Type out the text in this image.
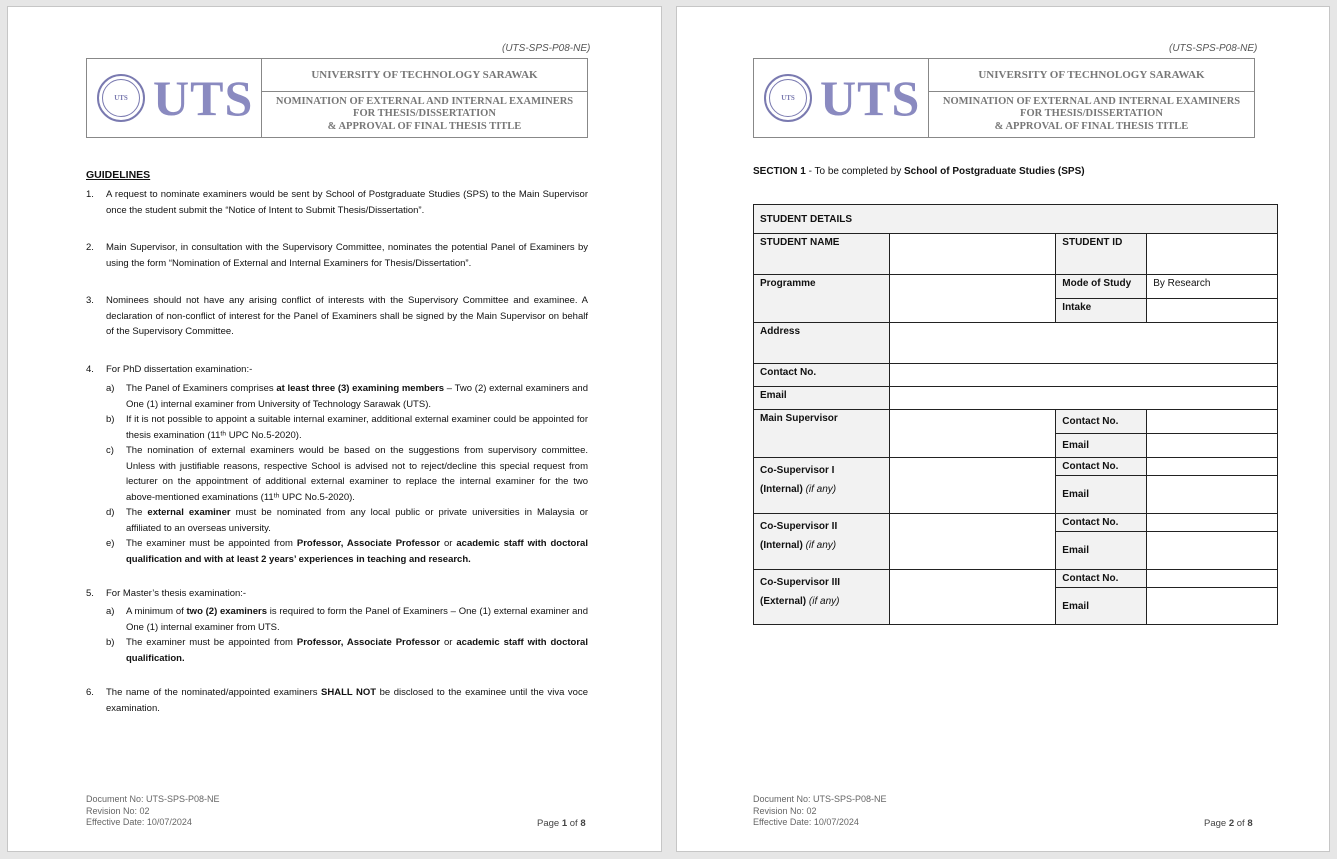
(UTS-SPS-P08-NE)
UTS UTS	UNIVERSITY OF TECHNOLOGY SARAWAK
NOMINATION OF EXTERNAL AND INTERNAL EXAMINERS
FOR THESIS/DISSERTATION
& APPROVAL OF FINAL THESIS TITLE
GUIDELINES
1. A request to nominate examiners would be sent by School of Postgraduate Studies (SPS) to the Main Supervisor once the student submit the “Notice of Intent to Submit Thesis/Dissertation”.
2. Main Supervisor, in consultation with the Supervisory Committee, nominates the potential Panel of Examiners by using the form “Nomination of External and Internal Examiners for Thesis/Dissertation”.
3. Nominees should not have any arising conflict of interests with the Supervisory Committee and examinee. A declaration of non-conflict of interest for the Panel of Examiners shall be signed by the Main Supervisor on behalf of the Supervisory Committee.
4. For PhD dissertation examination:-
a) The Panel of Examiners comprises at least three (3) examining members – Two (2) external examiners and One (1) internal examiner from University of Technology Sarawak (UTS).
b) If it is not possible to appoint a suitable internal examiner, additional external examiner could be appointed for thesis examination (11ᵗʰ UPC No.5-2020).
c) The nomination of external examiners would be based on the suggestions from supervisory committee. Unless with justifiable reasons, respective School is advised not to reject/decline this special request from lecturer on the appointment of additional external examiner to replace the internal examiner for the two above-mentioned examinations (11ᵗʰ UPC No.5-2020).
d) The external examiner must be nominated from any local public or private universities in Malaysia or affiliated to an overseas university.
e) The examiner must be appointed from Professor, Associate Professor or academic staff with doctoral qualification and with at least 2 years’ experiences in teaching and research.
5. For Master’s thesis examination:-
a) A minimum of two (2) examiners is required to form the Panel of Examiners – One (1) external examiner and One (1) internal examiner from UTS.
b) The examiner must be appointed from Professor, Associate Professor or academic staff with doctoral qualification.
6. The name of the nominated/appointed examiners SHALL NOT be disclosed to the examinee until the viva voce examination.
Document No: UTS-SPS-P08-NE
Revision No: 02
Effective Date: 10/07/2024	Page 1 of 8
(UTS-SPS-P08-NE)
UTS UTS	UNIVERSITY OF TECHNOLOGY SARAWAK
NOMINATION OF EXTERNAL AND INTERNAL EXAMINERS
FOR THESIS/DISSERTATION
& APPROVAL OF FINAL THESIS TITLE
SECTION 1 - To be completed by School of Postgraduate Studies (SPS)
STUDENT DETAILS			
STUDENT NAME		STUDENT ID	
Programme		Mode of Study	By Research
		Intake	
Address			
Contact No.			
Email			
Main Supervisor		Contact No.	
		Email	
Co-Supervisor I
(Internal) (if any)		Contact No.	
		Email	
Co-Supervisor II
(Internal) (if any)		Contact No.	
		Email	
Co-Supervisor III
(External) (if any)		Contact No.	
		Email	
Document No: UTS-SPS-P08-NE
Revision No: 02
Effective Date: 10/07/2024	Page 2 of 8
